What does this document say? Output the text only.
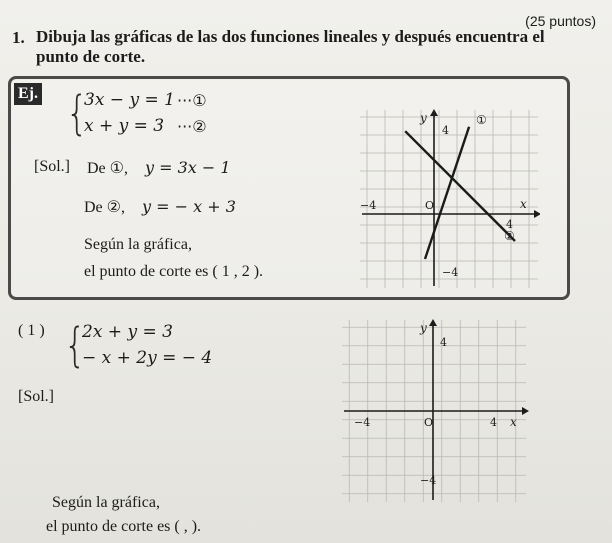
(25 puntos)
1. Dibuja las gráficas de las dos funciones lineales y después encuentra el
punto de corte.
Ej. {
3x − y = 1 ···①
x + y = 3 ···②
[Sol.] De ①, y = 3x − 1
De ②, y = − x + 3
Según la gráfica,
el punto de corte es ( 1 , 2 ).
y
x
4
−4
−4
4
O
①
②
( 1 ) {
2x + y = 3
− x + 2y = − 4
[Sol.]
Según la gráfica,
el punto de corte es ( , ).
y
x
4
−4
−4	4
O
